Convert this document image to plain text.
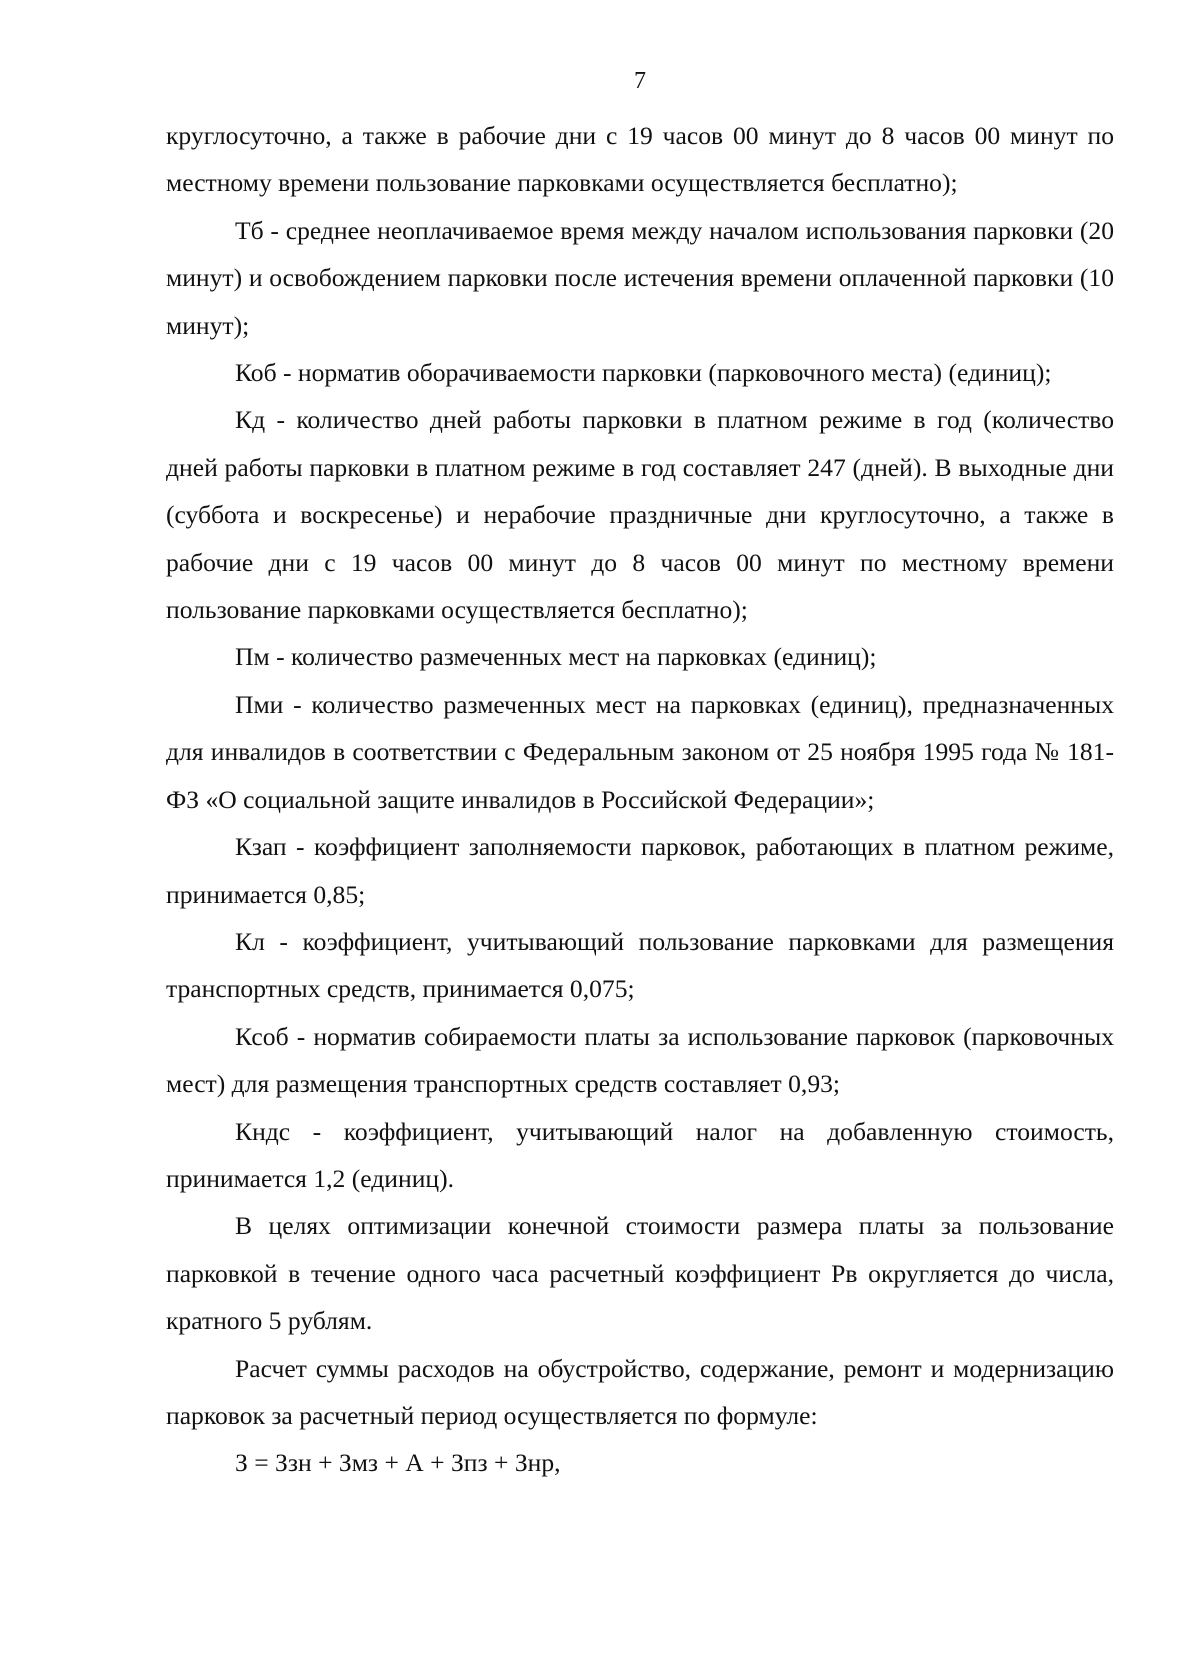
7

круглосуточно, а также в рабочие дни с 19 часов 00 минут до 8 часов 00 минут по местному времени пользование парковками осуществляется бесплатно);

Тб - среднее неоплачиваемое время между началом использования парковки (20 минут) и освобождением парковки после истечения времени оплаченной парковки (10 минут);

Коб - норматив оборачиваемости парковки (парковочного места) (единиц);

Кд - количество дней работы парковки в платном режиме в год (количество дней работы парковки в платном режиме в год составляет 247 (дней). В выходные дни (суббота и воскресенье) и нерабочие праздничные дни круглосуточно, а также в рабочие дни с 19 часов 00 минут до 8 часов 00 минут по местному времени пользование парковками осуществляется бесплатно);

Пм - количество размеченных мест на парковках (единиц);

Пми - количество размеченных мест на парковках (единиц), предназначенных для инвалидов в соответствии с Федеральным законом от 25 ноября 1995 года № 181-ФЗ «О социальной защите инвалидов в Российской Федерации»;

Кзап - коэффициент заполняемости парковок, работающих в платном режиме, принимается 0,85;

Кл - коэффициент, учитывающий пользование парковками для размещения транспортных средств, принимается 0,075;

Ксоб - норматив собираемости платы за использование парковок (парковочных мест) для размещения транспортных средств составляет 0,93;

Кндс - коэффициент, учитывающий налог на добавленную стоимость, принимается 1,2 (единиц).

В целях оптимизации конечной стоимости размера платы за пользование парковкой в течение одного часа расчетный коэффициент Рв округляется до числа, кратного 5 рублям.

Расчет суммы расходов на обустройство, содержание, ремонт и модернизацию парковок за расчетный период осуществляется по формуле:

З = Ззн + Змз + А + Зпз + Знр,
